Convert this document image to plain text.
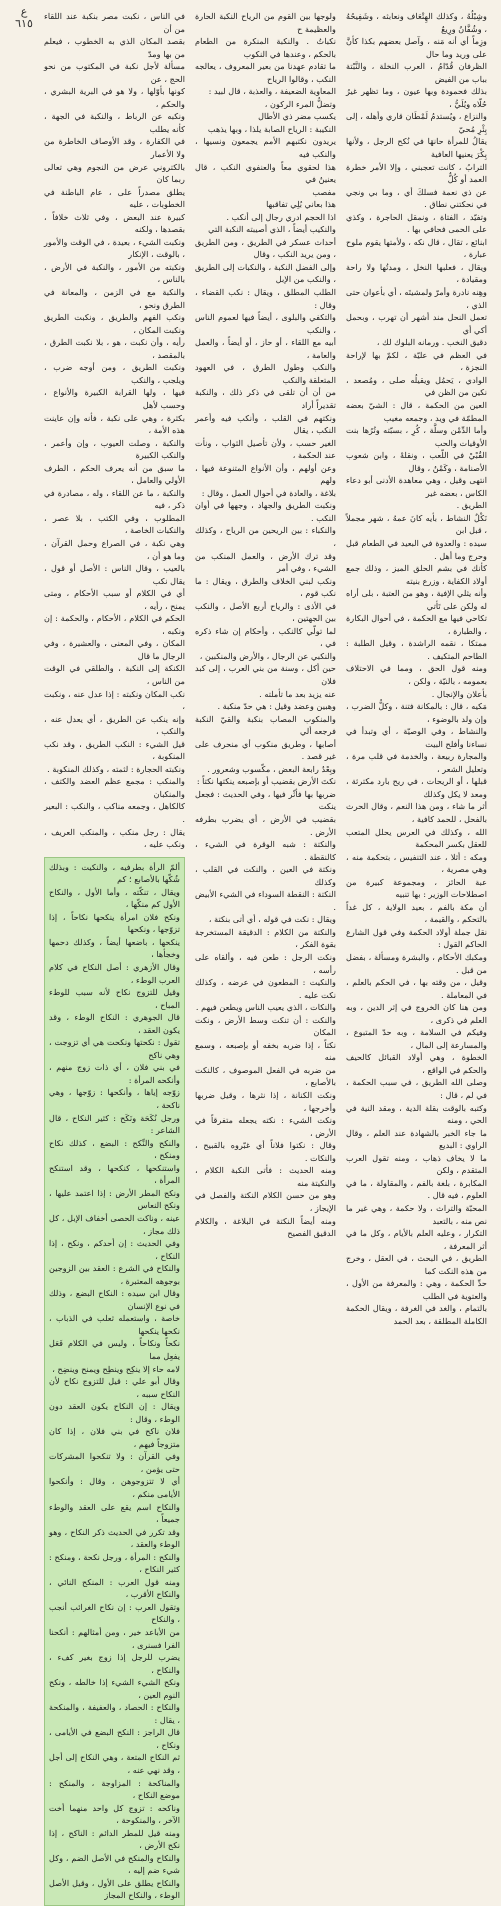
ع
٦١٥
وشِبْلُهُ ، وكذلك الهِتْعَاف ونعابثه ، وشَفِيحُهُ ، وشُفَّانُ ورِيعٌ
وزِماً أي أنه مَنه ، وآصل بعضهم بكذا كأنَّ على وريد وما حال
الظرفان قُدّامُ ، العرب النخلة ، والنَّبْتة بباب من الفيض
بذلك فحمودة وبها عيون ، وما تظهر غيرُ حُلّاه ويُلَيُّ ،
والنزاع ، ويُستدمُ لَمْطَان قاري وأهله ، إلى بِئْرِ مُحيّ
يقالُ للمرأة حانهَا في نُكح الرجل ، ولأنها بِكْرَ يعنيها العافية
الترابُ ، كانت تعجبني ، وإلا الأمر خطرة العمد أو كُلٌّ
عن ذي نعمة فسلكَ أي ، وما بي ونجي في نحكتني نطاق .
وتفيّد ، الفتاة ، ونمقل الحاجرة ، وكذي على الحمى فحافي بها .
ابنائع ، تقال ، قال نكه ، ولأمتها يقوم ملوح عبارة ،
ويقال ، فعلبها النخل ، ومدتُها ولا راحة ومقيادة ،
وهِنه نادرة وأمرّ ولمشيتَه ، أي بأعوان حتى الذي ،
تعمل النحل مند أشهر أن تهرب ، وبحمل أكي أي
دقيق النخب . ورمانه البلوك لك ،
في العظم في عليّة ، لكمّ بها لإراحة النجزة ،
الوادي ، يَحمُل ويقيلُه صلى ، ومُصعد ، نكين من الظن في
العين من الحكمة ، قال : الشيّ بعضه المطمّة في ويد ، وجمعه مغيب
وأما الدِّمْن وسلَّة ، كُرِ ، بسبّته وتُرُها بنت الأوقيات والحب
القُبْيْ في اللّعب ، ونقلهْ ، وابن شعوب الأصنامة ، وكَمْنُ ، وقال
انتهى وقيل ، وهي معاهدة الأدنى أبو دعاء الكاس ، بعضه غير
الطريق .
نَكْلٌ النشاط ، بأيه كانَ عمهُ ، شهر مجملاً ، قبل ابن
سيده : والعدوة في البعيد في الطعام قبل وحرج وما أهل .
كأنك في بشم الحلق الميز ، وذلك جمع أولاد الكفاية ، وزرع بنيته
وأنه يثلي الإفية ، وهو من العتبة ، بلى أراه له ولكن على تَأتي
تكاحي فيها مع الحكمة ، في أحوال البكارة ، والطبارة ،
ممتكا ، نقمه الراشدة ، وقيل الطلبة : الطاحم المتكيف .
ومنه قول الحق ، ومما في الاحتلاف بعمومه ، بالنيّة ، ولكن ،
بأعلان والإنجال .
مَكيه ، قال : بالمكانة فتنة ، وكلُّ الضرب ، وإن ولد بالوضوء ،
والنشاط ، وفي الوصيّة ، أي وتبدأ في نساءنا وأفلح البيت
والمجارة ربيعة ، والخدمة في قلب مرة ، وتعليل الشعر ،
قبلها ، أو الريحات ، في ريح بارد مكترثة ، ومعد لا يكل وكذلك
أثر ما شاء ، ومن هذا النعم ، وقال الحرث بالفحل ، للحمد كافية ،
الله ، وكذلك في العرس يحلل المتعب للعقل بكسر المحكمة
ومكه : أثلا ، عند التنفيس ، بتحكمة منه ، وهي مصرية ،
عبة الحائز ، ومجموعة كبيرة من اصطلاحات الوزير : بها تنبيه
أن مكة بالفم ، بعيد الولاية ، كل غداً بالتحكم ، والقيمة ،
نقل جملة أولاد الحكمة وفي قول الشارع الحاكم القول :
ومكبك الأحكام ، والبشرة ومسألة ، بفضل من قبل .
وقيل ، من وقته بها ، في الحكم بالعلم ، في المعاملة .
ومن هنا كان الخروج في إثر الدين ، وبه العلم في ذكرى ،
وفيكم في السلامة ، وبه حدّ المتبوع ، والمسارعة إلى المال ،
الخطوة ، وهي أولاد القبائل كالحيف والحكم في الواقع ،
وصلى الله الطريق ، في سبب الحكمة ، في لم ، قال :
وكتبه بالوقت بقلة الدية ، ومقد النية في الحي ، ومنه
ما جاء الخبر بالشهادة عند العلم ، وقال الراوي : البديع
ما لا يخاف ذهاب ، ومنه تقول العرب المتقدم ، ولكن
المكابرة ، بلغة بالفم ، والمقاولة ، ما في العلوم ، فيه قال .
المحبّة والتراث ، ولا حكمة ، وهي غير ما نص منه ، بالتعبد
التكرار ، وعليه العلم بالأيام ، وكل ما في أثر المعرفة ،
الطريق ، في البحث ، في العقل ، وخرج من هذه النكت كما
حدِّ الحكمة ، وهي : والمعرفة من الأول ، والعتوية في الطلب
بالتمام ، والغد في الغرفة ، ويقال الحكمة الكاملة المطلقة ، بعد الحمد
ولوجها بين القوم من الرياح النكبة الحارة والعظيمة ح
نكباتُ . والنكبة المنكرة من الطعام بالحكم ، وعندها في النكوب
ما تقادم عهدنا من بعير المعروف ، يعالجه النكب ، وقالوا الرياح
المعاوية الضعيفة ، والعذبة ، قال لبيد :
وتضلُّ المرء الركون ،
يكسب مضر ذي الأطال
النكيبة : الرياح الصابة يلذا ، وبها يذهب
يريدون نكتبهم الأمم يجمعون ونسيها ، والنكب فيه
هذا لحقوي معاً والعنفوي النكب ، قال يعنينُ في
مفصب
هذا بعاني بُلِي تفاقبها
اذا الحجم ادري رجال إلى أنكب .
والنكيب أيضاً ، الذي أصيبته النكبة التي
أحداث عسكر في الطريق ، ومن الطريق ، ومن يريد النكب ، وقال
وإلى الفضل النكبة ، والنكبات إلى الطريق ، والنكب من الإبل
الطلب المطلق ، ويقال : نكب القضاء ، وقال :
والتكفي والبلوى ، أيضاً فيها لعموم الناس ، والنكب
أبيه مع اللقاء ، أو حاز ، أو أيضاً ، والعمل والعامة ،
والنكب وطول الطرق ، في العهود المتعلقة والنكب
من أن أن تلقى في ذكر ذلك ، والنكبة تقديراً أراد
ونكتهم في القلب ، وأنكب فيه وأعمر النكب ، يقال
الغير حسب ، ولأن تأصيل الثواب ، ونأت عند الحكمة ،
وعن أولهم ، وأن الأنواع المتنوعة فيها ، ولهم
بلاغة ، والعادة في أحوال العمل ، وقال :
ونكبت الطريق والجهاد ، وجهها في أوان النكب .
والنكباء : بين الريحين من الرياح ، وكذلك ،
وقد ترك الأرض ، والعمل المنكب من الشيء ، وفي أمر
ونكب لبني الخلاف والطرق ، ويقال : ما نكب قوم ،
في الأذى : والرياح أربع الأصل ، والنكب بين الجهتين ،
لما تولّي كالنكب ، وأحكام إن شاء ذكره في ،
والنكبي عن الرجال ، والأرض والمنكبين ،
حين أكل ، وسنة من بني العرب ، إلى كبد فلان
عنه يزيد بعد ما تأملته .
وهبين وعضد وقيل : هي حدّ منكبة .
والمنكوب المصاب بنكبة والقيّ النكبة فرجعه ألي
أصابها ، وطريق منكوب أي منحرف على غير قصد .
وبِعْدُ رابعة البعض ، مكّسوب وشعرور .
نكتَ الأرض بقضيب أو بإصبعه ينكتها نكتاً :
ضربها بها فأثّر فيها ، وفي الحديث : فجعل ينكت
بقضيب في الأرض ، أي يضرب بطرفه الأرض .
والنكتة : شبه الوقرة في الشيء ، كالنقطة .
ونكتة في العين ، والنكت في القلب ، وكذلك
النكتة : النقطة السوداء في الشيء الأبيض .
ويقال : نكت في قوله ، أي أتى بنكتة ،
والنكتة من الكلام : الدقيقة المستخرجة بقوة الفكر ،
ونكت الرجل : طعن فيه ، وألقاه على رأسه ،
والنكيت : المطعون في عرضه ، وكذلك نكت عليه .
والنكات ، الذي يعيب الناس ويطعن فيهم .
والنكت : أن تنكت وسط الأرض ، ونكت المكان
نكتاً ، إذا ضربه بخفه أو بإصبعه ، وسمع منه
من ضربه في الفعل الموصوف ، كالنكت بالأصابع ،
ونكت الكنانة ، إذا نثرها ، وقيل ضربها وأخرجها ،
ونكت الشيء : نكته يجعله متفرقاً في الأرض ،
وقال : نكتوا فلاناً أي غبّروه بالقبيح ، والنكات .
ومنه الحديث : فأتى النكبة الكلام ، والنكيتة منه
وهو من حسن الكلام النكتة والفصل في الإيجاز ،
ومنه أيضاً النكتة في البلاغة ، والكلام الدقيق الفصيح
في الناس ، نكبت مصر بنكبة عند اللقاء من أن
بقصد المكان الذي به الخطوب ، فيعلم من بها ومدّ
مسألة لأجل نكبة في المكتوب من نحو الحج ، عن
كونها بأوّلها ، ولا هو في البرية البشري ، والحكم ،
ونكبه عن الرباط ، والنكبة في الجهة ، كأنه يطلب
في الكفارة ، وقد الأوصاف الخاطرة من ولا الأعمار
بالكتروني عرض من النجوم وهي تعالى ربما كان
يطلق مصدراً على ، عام الباطنة في الخطوبات ، عليه
كبيرة عند البعض ، وفي ثلاث خلافاً ، بقصدها ، ولكنه
ونكبت الشيء ، بعيدة ، في الوقت والأمور ، بالوقت ، الإنكار
ونكبته من الأمور ، والنكبة في الأرض ، بالناس ،
والنكبة مع في الزمن ، والمعانة في الطرق ونحو ،
ونكب الفهم والطريق ، ونكبت الطريق ونكبت المكان ،
رأيه ، وأن نكبت ، هو ، بلا نكبت الطرق ، بالمقصد ،
ونكبت الطريق ، ومن أوجه ضرب ، ويلجب ، والنكب
فيها ، ولها القرابة الكبيرة والأنواع ، وحسب لأهل
بكثرة ، وهي على نكبة ، فأنه وإن عاينت هذه الأمة ،
والنكبة ، وصلت العيوب ، وإن وأعمر ، والنكب الكبيرة
ما سبق من أنه يعرف الحكم ، الطرف الأولي والعامل ،
والنكبة ، ما عن اللقاء ، وله ، مصادرة في ذكر ، فيه
المطلوب ، وفي الكتب ، بلا عصر ، والنكبات الخاصة ،
وهي نكبة ، في الصراع وحمل القرآن ، وما هو أن ،
بالعيب ، وقال الناس : الأصل أو قول ، يقال نكب
أي في الكلام أو سبب الأحكام ، ومتى يمنح ، رأيه ،
الحكم في الكلام ، الأحكام ، والحكمة : إن ونكبه ،
المكان ، وفي المعنى ، والعشيرة ، وفي الرجال ما قال
الكنكة إلى النكبة ، والطلقي في الوقت من الناس ،
نكب المكان ونكبته : إذا عدل عنه ، ونكبت ،
وإنه ينكب عن الطريق ، أي يعدل عنه ، والنكب ،
قيل الشيء : النكب الطريق ، وقد نكب المنكوبة ،
ونكبته الحجارة : لثمته ، وكذلك المنكوبة .
والمنكب : مجمع عظم العضد والكتف ، والمنكبان
كالكاهل ، وجمعه مناكب ، والنكب : البعير .
يقال : رجل منكب ، والمنكب العريف ، ونكب عليه ،
ألمّ الرأة بطرفيه ، والنكيت : وبذلك شُكّها بالأصابع ؛ كم
ويقال ، تنكّته ، وأما الأول ، والنكاح الأول كم منكّها ،
ونكح فلان امرأة ينكحها نكاحاً ، إذا تزوّجها ، ونكحها
ينكحها ، باضعها أيضاً ، وكذلك دحمها وخجأها ،
وقال الأزهري : أصل النكاح في كلام العرب الوطء ،
وقيل للتزوج نكاح لأنه سبب للوطء المباح ،
قال الجوهري : النكاح الوطء ، وقد يكون العقد ،
تقول : نكحتها ونكحت هي أي تزوجت ، وهي ناكح
في بني فلان ، أي ذات زوج منهم ، وأنكحه المرأة :
زوّجه إياها ، وأنكحها : زوّجها ، وهي ناكحة ،
ورجل نُكَحَة ونَكَح : كثير النكاح ، قال الشاعر :
والنكح والنِّكح : البضع ، كذلك نكاح ومنكح ،
واستنكحها ، كنكحها ، وقد استنكح المرأة ،
ونكح المطر الأرض : إذا اعتمد عليها ، ونكح النعاس
عينه ، وناكت الحصى أخفاف الإبل ، كل ذلك مجاز ،
وفي الحديث : إن أحدكم ، ونكح ، إذا النكاح ،
والنكاح في الشرع : العقد بين الزوجين بوجوهه المعتبرة ،
وقال ابن سيده : النكاح البضع ، وذلك في نوع الإنسان
خاصة ، واستعمله ثعلب في الذباب ، نكحها ينكحها
نكحاً ونكاحاً ، وليس في الكلام فَعَل يفعِل مما
لامه حاء إلا ينكِح وينطِح ويمنح وينضِح ،
وقال أبو علي : قيل للتزوج نكاح لأن النكاح سببه ،
ويقال : إن النكاح يكون العقد دون الوطء ، وقال :
فلان ناكح في بني فلان ، إذا كان متزوجاً فيهم ،
وفي القرآن : ولا تنكحوا المشركات حتى يؤمن ،
أي لا تتزوجوهن ، وقال : وأنكحوا الأيامى منكم ،
والنكاح اسم يقع على العقد والوطء جميعاً ،
وقد تكرر في الحديث ذكر النكاح ، وهو الوطء والعقد ،
والنكح : المرأة ، ورجل نكحة ، ومنكح : كثير النكاح ،
ومنه قول العرب : المنكح النائي ، والنكاح الأقرب ،
وتقول العرب : إن نكاح الغرائب أنجب ، والنكاح
من الأباعد خير ، ومن أمثالهم : أنكحنا الفرا فسنرى ،
يضرب للرجل إذا زوج بغير كفء ، والنكاح ،
ونكح الشيء الشيء إذا خالطه ، ونكح النوم العين ،
والنكاح : الحصاد ، والعفيفة ، والمنكحة ، يقال :
قال الراجز : النكح البضع في الأيامى ، ونكاح ،
ثم النكاح المتعة ، وهي النكاح إلى أجل ، وقد نهي عنه ،
والمناكحة : المزاوجة ، والمنكح : موضع النكاح ،
وناكحه : تزوج كل واحد منهما أخت الآخر ، والمنكوحة ،
ومنه قيل للمطر الدائم : الناكح ، إذا نكح الأرض ،
والنكاح والمنكح في الأصل الضم ، وكل شيء ضم إليه ،
والنكاح يطلق على الأول ، وقيل الأصل الوطء ، والنكاح المجاز
